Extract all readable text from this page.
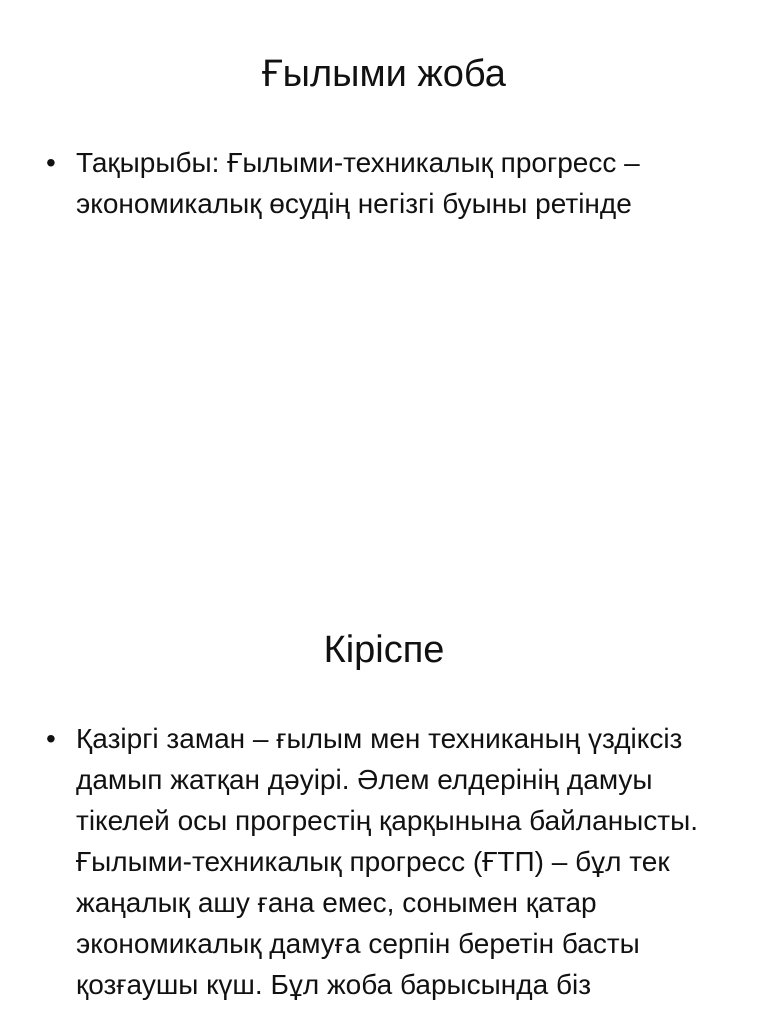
Ғылыми жоба
• Тақырыбы: Ғылыми-техникалық прогресс – экономикалық өсудің негізгі буыны ретінде
Кіріспе
• Қазіргі заман – ғылым мен техниканың үздіксіз дамып жатқан дәуірі. Әлем елдерінің дамуы тікелей осы прогрестің қарқынына байланысты. Ғылыми-техникалық прогресс (ҒТП) – бұл тек жаңалық ашу ғана емес, сонымен қатар экономикалық дамуға серпін беретін басты қозғаушы күш. Бұл жоба барысында біз
